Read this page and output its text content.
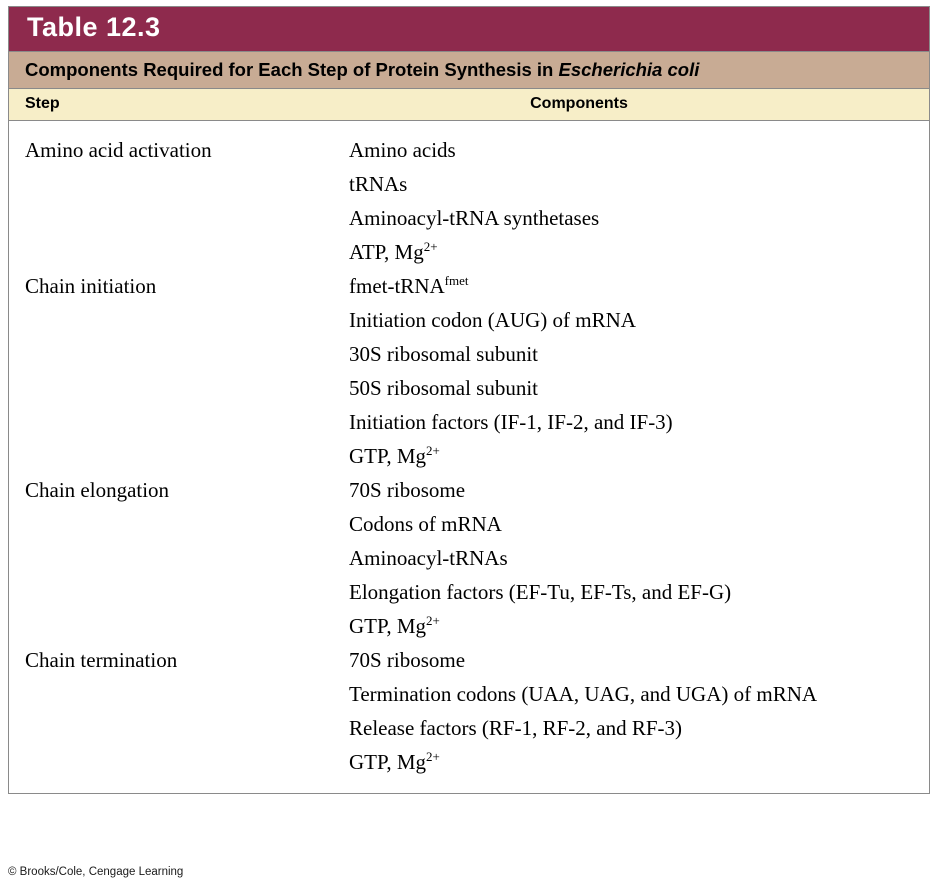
Table 12.3
Components Required for Each Step of Protein Synthesis in Escherichia coli
Step	Components
Amino acid activation	Amino acids
tRNAs
Aminoacyl-tRNA synthetases
ATP, $Mg^{2+}$
Chain initiation	fmet-tRNA$^{fmet}$
Initiation codon (AUG) of mRNA
30S ribosomal subunit
50S ribosomal subunit
Initiation factors (IF-1, IF-2, and IF-3)
GTP, $Mg^{2+}$
Chain elongation	70S ribosome
Codons of mRNA
Aminoacyl-tRNAs
Elongation factors (EF-Tu, EF-Ts, and EF-G)
GTP, $Mg^{2+}$
Chain termination	70S ribosome
Termination codons (UAA, UAG, and UGA) of mRNA
Release factors (RF-1, RF-2, and RF-3)
GTP, $Mg^{2+}$
© Brooks/Cole, Cengage Learning
